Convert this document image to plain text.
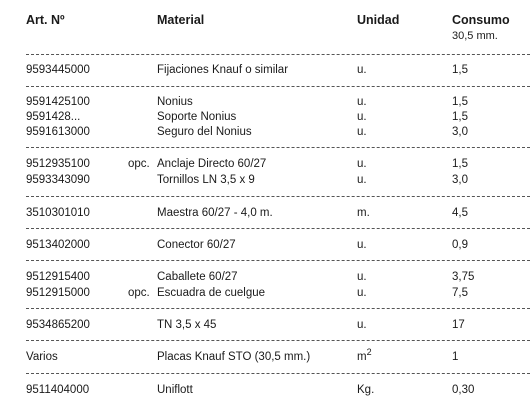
Art. Nº	Material	Unidad	Consumo
30,5 mm.
9593445000	Fijaciones Knauf o similar	u.	1,5
9591425100	Nonius	u.	1,5
9591428...	Soporte Nonius	u.	1,5
9591613000	Seguro del Nonius	u.	3,0
9512935100	opc. Anclaje Directo 60/27	u.	1,5
9593343090	Tornillos LN 3,5 x 9	u.	3,0
3510301010	Maestra 60/27 - 4,0 m.	m.	4,5
9513402000	Conector 60/27	u.	0,9
9512915400	Caballete 60/27	u.	3,75
9512915000	opc. Escuadra de cuelgue	u.	7,5
9534865200	TN 3,5 x 45	u.	17
Varios	Placas Knauf STO (30,5 mm.)	$m^2$	1
9511404000	Uniflott	Kg.	0,30
